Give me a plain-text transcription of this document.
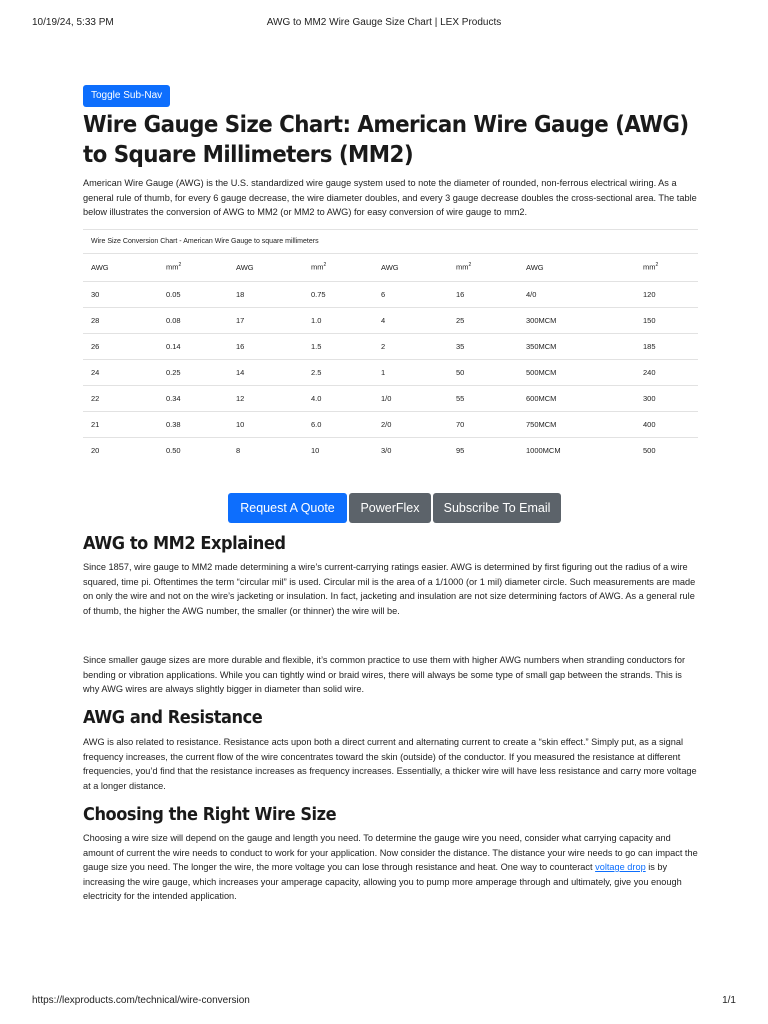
10/19/24, 5:33 PM	AWG to MM2 Wire Gauge Size Chart | LEX Products
Toggle Sub-Nav
Wire Gauge Size Chart: American Wire Gauge (AWG) to Square Millimeters (MM2)

American Wire Gauge (AWG) is the U.S. standardized wire gauge system used to note the diameter of rounded, non-ferrous electrical wiring. As a general rule of thumb, for every 6 gauge decrease, the wire diameter doubles, and every 3 gauge decrease doubles the cross-sectional area. The table below illustrates the conversion of AWG to MM2 (or MM2 to AWG) for easy conversion of wire gauge to mm2.

Wire Size Conversion Chart - American Wire Gauge to square millimeters
AWG	$mm^2$	AWG	$mm^2$	AWG	$mm^2$	AWG	$mm^2$
30	0.05	18	0.75	6	16	4/0	120
28	0.08	17	1.0	4	25	300MCM	150
26	0.14	16	1.5	2	35	350MCM	185
24	0.25	14	2.5	1	50	500MCM	240
22	0.34	12	4.0	1/0	55	600MCM	300
21	0.38	10	6.0	2/0	70	750MCM	400
20	0.50	8	10	3/0	95	1000MCM	500
Request A Quote PowerFlex Subscribe To Email
AWG to MM2 Explained

Since 1857, wire gauge to MM2 made determining a wire’s current-carrying ratings easier. AWG is determined by first figuring out the radius of a wire squared, time pi. Oftentimes the term “circular mil” is used. Circular mil is the area of a 1/1000 (or 1 mil) diameter circle. Such measurements are made on only the wire and not on the wire’s jacketing or insulation. In fact, jacketing and insulation are not size determining factors of AWG. As a general rule of thumb, the higher the AWG number, the smaller (or thinner) the wire will be.

Since smaller gauge sizes are more durable and flexible, it’s common practice to use them with higher AWG numbers when stranding conductors for bending or vibration applications. While you can tightly wind or braid wires, there will always be some type of small gap between the strands. This is why AWG wires are always slightly bigger in diameter than solid wire.

AWG and Resistance

AWG is also related to resistance. Resistance acts upon both a direct current and alternating current to create a “skin effect.” Simply put, as a signal frequency increases, the current flow of the wire concentrates toward the skin (outside) of the conductor. If you measured the resistance at different frequencies, you’d find that the resistance increases as frequency increases. Essentially, a thicker wire will have less resistance and carry more voltage at a longer distance.

Choosing the Right Wire Size

Choosing a wire size will depend on the gauge and length you need. To determine the gauge wire you need, consider what carrying capacity and amount of current the wire needs to conduct to work for your application. Now consider the distance. The distance your wire needs to go can impact the gauge size you need. The longer the wire, the more voltage you can lose through resistance and heat. One way to counteract voltage drop is by increasing the wire gauge, which increases your amperage capacity, allowing you to pump more amperage through and ultimately, give you enough electricity for the intended application.

https://lexproducts.com/technical/wire-conversion	1/1
